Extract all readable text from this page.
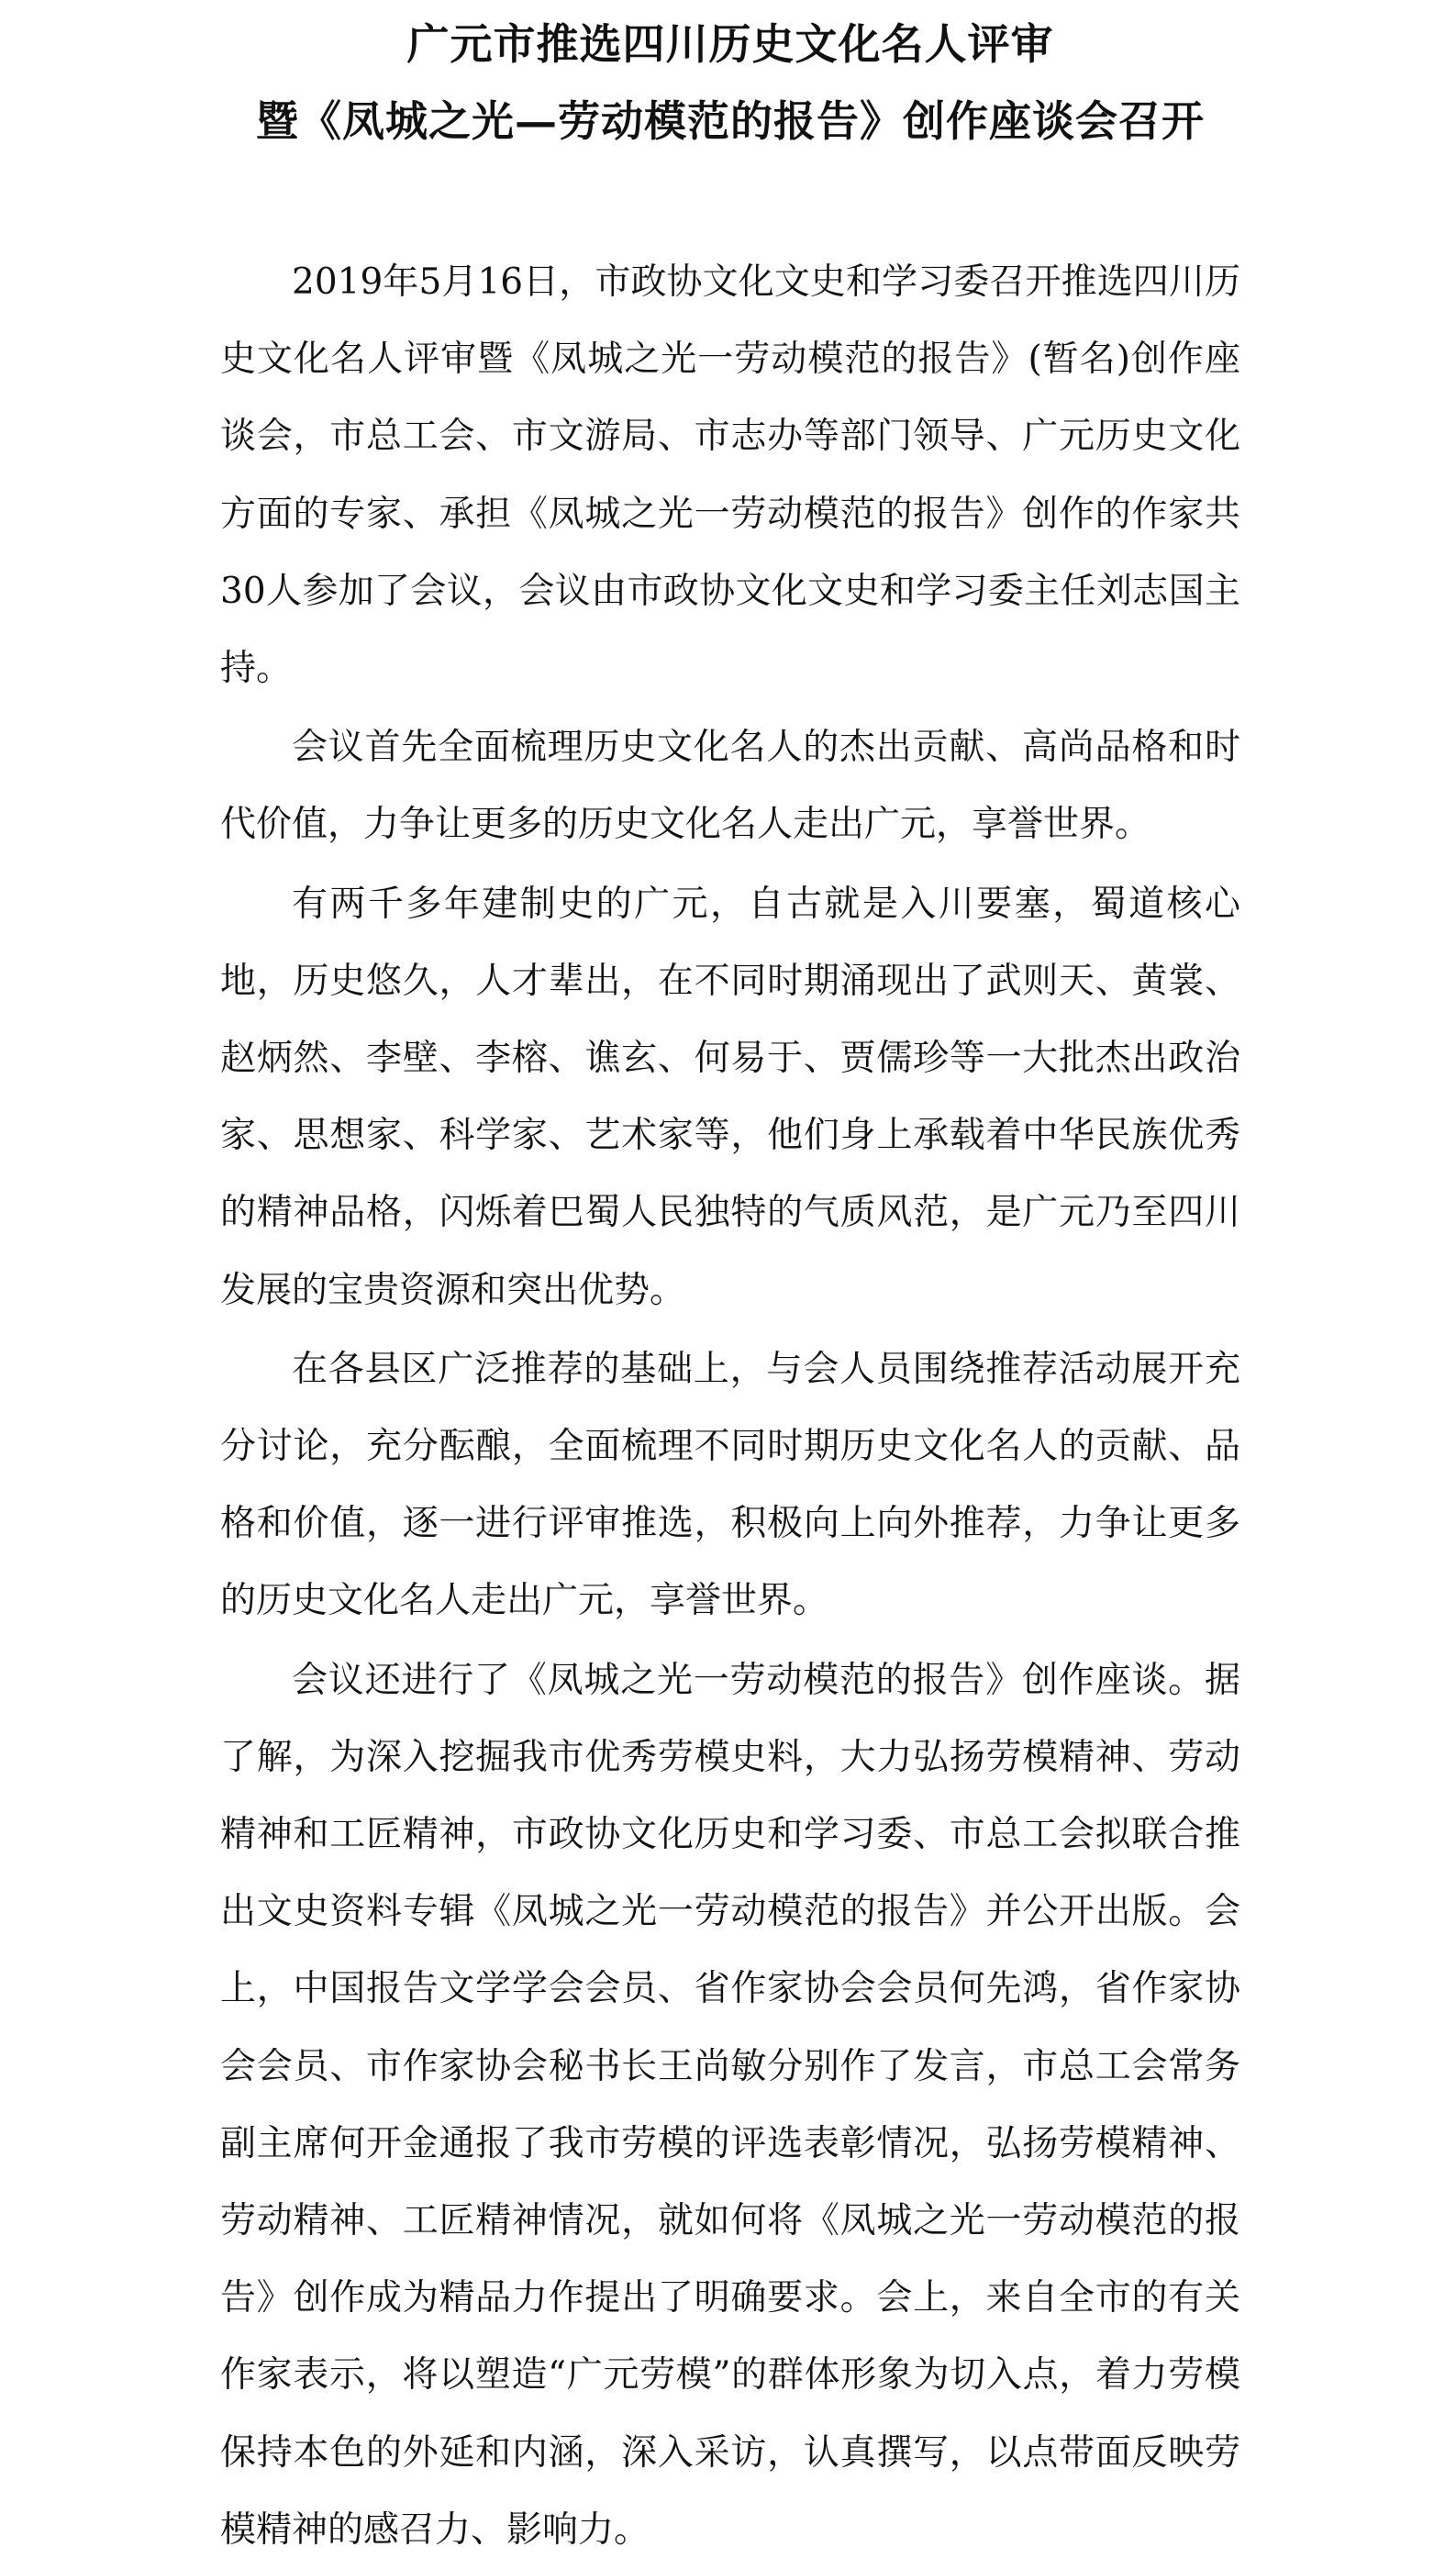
广元市推选四川历史文化名人评审
暨《凤城之光—劳动模范的报告》创作座谈会召开

2019年5月16日，市政协文化文史和学习委召开推选四川历史文化名人评审暨《凤城之光一劳动模范的报告》(暂名)创作座谈会，市总工会、市文游局、市志办等部门领导、广元历史文化方面的专家、承担《凤城之光一劳动模范的报告》创作的作家共30人参加了会议，会议由市政协文化文史和学习委主任刘志国主持。

会议首先全面梳理历史文化名人的杰出贡献、高尚品格和时代价值，力争让更多的历史文化名人走出广元，享誉世界。

有两千多年建制史的广元，自古就是入川要塞，蜀道核心地，历史悠久，人才辈出，在不同时期涌现出了武则天、黄裳、赵炳然、李壁、李榕、谯玄、何易于、贾儒珍等一大批杰出政治家、思想家、科学家、艺术家等，他们身上承载着中华民族优秀的精神品格，闪烁着巴蜀人民独特的气质风范，是广元乃至四川发展的宝贵资源和突出优势。

在各县区广泛推荐的基础上，与会人员围绕推荐活动展开充分讨论，充分酝酿，全面梳理不同时期历史文化名人的贡献、品格和价值，逐一进行评审推选，积极向上向外推荐，力争让更多的历史文化名人走出广元，享誉世界。

会议还进行了《凤城之光一劳动模范的报告》创作座谈。据了解，为深入挖掘我市优秀劳模史料，大力弘扬劳模精神、劳动精神和工匠精神，市政协文化历史和学习委、市总工会拟联合推出文史资料专辑《凤城之光一劳动模范的报告》并公开出版。会上，中国报告文学学会会员、省作家协会会员何先鸿，省作家协会会员、市作家协会秘书长王尚敏分别作了发言，市总工会常务副主席何开金通报了我市劳模的评选表彰情况，弘扬劳模精神、劳动精神、工匠精神情况，就如何将《凤城之光一劳动模范的报告》创作成为精品力作提出了明确要求。会上，来自全市的有关作家表示，将以塑造“广元劳模”的群体形象为切入点，着力劳模保持本色的外延和内涵，深入采访，认真撰写，以点带面反映劳模精神的感召力、影响力。
